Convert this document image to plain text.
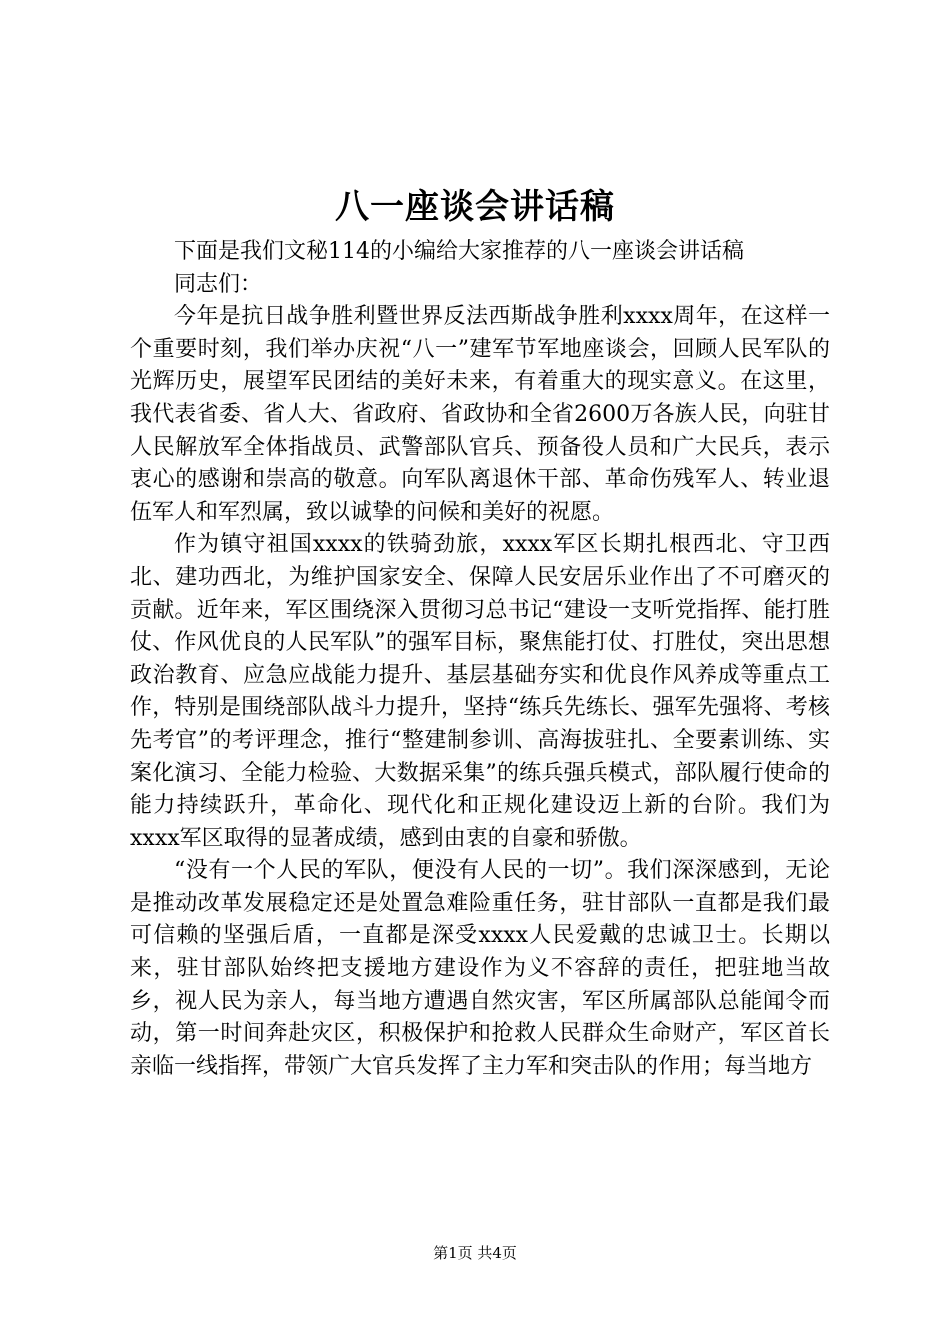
八一座谈会讲话稿

下面是我们文秘114的小编给大家推荐的八一座谈会讲话稿

同志们：

今年是抗日战争胜利暨世界反法西斯战争胜利xxxx周年，在这样一个重要时刻，我们举办庆祝“八一”建军节军地座谈会，回顾人民军队的光辉历史，展望军民团结的美好未来，有着重大的现实意义。在这里，我代表省委、省人大、省政府、省政协和全省2600万各族人民，向驻甘人民解放军全体指战员、武警部队官兵、预备役人员和广大民兵，表示衷心的感谢和崇高的敬意。向军队离退休干部、革命伤残军人、转业退伍军人和军烈属，致以诚挚的问候和美好的祝愿。

作为镇守祖国xxxx的铁骑劲旅，xxxx军区长期扎根西北、守卫西北、建功西北，为维护国家安全、保障人民安居乐业作出了不可磨灭的贡献。近年来，军区围绕深入贯彻习总书记“建设一支听党指挥、能打胜仗、作风优良的人民军队”的强军目标，聚焦能打仗、打胜仗，突出思想政治教育、应急应战能力提升、基层基础夯实和优良作风养成等重点工作，特别是围绕部队战斗力提升，坚持“练兵先练长、强军先强将、考核先考官”的考评理念，推行“整建制参训、高海拔驻扎、全要素训练、实案化演习、全能力检验、大数据采集”的练兵强兵模式，部队履行使命的能力持续跃升，革命化、现代化和正规化建设迈上新的台阶。我们为xxxx军区取得的显著成绩，感到由衷的自豪和骄傲。

“没有一个人民的军队，便没有人民的一切”。我们深深感到，无论是推动改革发展稳定还是处置急难险重任务，驻甘部队一直都是我们最可信赖的坚强后盾，一直都是深受xxxx人民爱戴的忠诚卫士。长期以来，驻甘部队始终把支援地方建设作为义不容辞的责任，把驻地当故乡，视人民为亲人，每当地方遭遇自然灾害，军区所属部队总能闻令而动，第一时间奔赴灾区，积极保护和抢救人民群众生命财产，军区首长亲临一线指挥，带领广大官兵发挥了主力军和突击队的作用；每当地方

第1页 共4页
